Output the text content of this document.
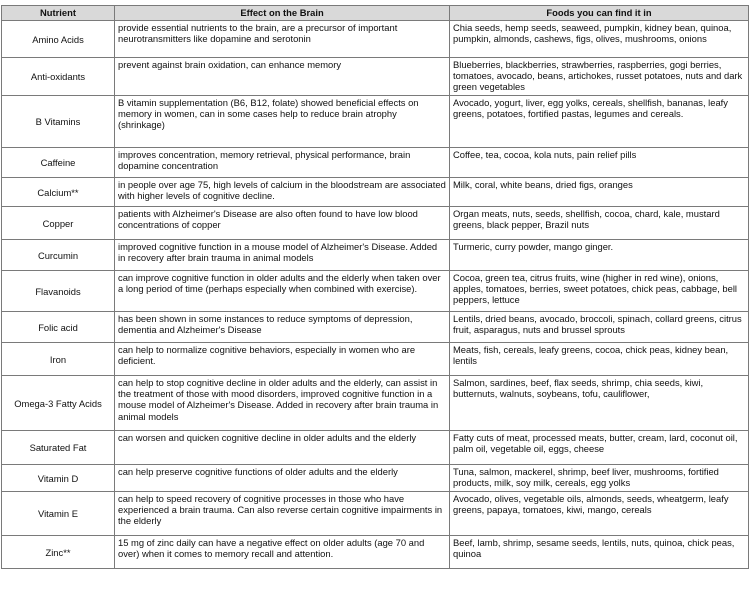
Nutrient	Effect on the Brain	Foods you can find it in
Amino Acids	provide essential nutrients to the brain, are a precursor of important neurotransmitters like dopamine and serotonin	Chia seeds, hemp seeds, seaweed, pumpkin, kidney bean, quinoa, pumpkin, almonds, cashews, figs, olives, mushrooms, onions
Anti-oxidants	prevent against brain oxidation, can enhance memory	Blueberries, blackberries, strawberries, raspberries, gogi berries, tomatoes, avocado, beans, artichokes, russet potatoes, nuts and dark green vegetables
B Vitamins	B vitamin supplementation (B6, B12, folate) showed beneficial effects on memory in women, can in some cases help to reduce brain atrophy (shrinkage)	Avocado, yogurt, liver, egg yolks, cereals, shellfish, bananas, leafy greens, potatoes, fortified pastas, legumes and cereals.
Caffeine	improves concentration, memory retrieval, physical performance, brain dopamine concentration	Coffee, tea, cocoa, kola nuts, pain relief pills
Calcium**	in people over age 75, high levels of calcium in the bloodstream are associated with higher levels of cognitive decline.	Milk, coral, white beans, dried figs, oranges
Copper	patients with Alzheimer's Disease are also often found to have low blood concentrations of copper	Organ meats, nuts, seeds, shellfish, cocoa, chard, kale, mustard greens, black pepper, Brazil nuts
Curcumin	improved cognitive function in a mouse model of Alzheimer's Disease. Added in recovery after brain trauma in animal models	Turmeric, curry powder, mango ginger.
Flavanoids	can improve cognitive function in older adults and the elderly when taken over a long period of time (perhaps especially when combined with exercise).	Cocoa, green tea, citrus fruits, wine (higher in red wine), onions, apples, tomatoes, berries, sweet potatoes, chick peas, cabbage, bell peppers, lettuce
Folic acid	has been shown in some instances to reduce symptoms of depression, dementia and Alzheimer's Disease	Lentils, dried beans, avocado, broccoli, spinach, collard greens, citrus fruit, asparagus, nuts and brussel sprouts
Iron	can help to normalize cognitive behaviors, especially in women who are deficient.	Meats, fish, cereals, leafy greens, cocoa, chick peas, kidney bean, lentils
Omega-3 Fatty Acids	can help to stop cognitive decline in older adults and the elderly, can assist in the treatment of those with mood disorders, improved cognitive function in a mouse model of Alzheimer's Disease. Added in recovery after brain trauma in animal models	Salmon, sardines, beef, flax seeds, shrimp, chia seeds, kiwi, butternuts, walnuts, soybeans, tofu, cauliflower,
Saturated Fat	can worsen and quicken cognitive decline in older adults and the elderly	Fatty cuts of meat, processed meats, butter, cream, lard, coconut oil, palm oil, vegetable oil, eggs, cheese
Vitamin D	can help preserve cognitive functions of older adults and the elderly	Tuna, salmon, mackerel, shrimp, beef liver, mushrooms, fortified products, milk, soy milk, cereals, egg yolks
Vitamin E	can help to speed recovery of cognitive processes in those who have experienced a brain trauma. Can also reverse certain cognitive impairments in the elderly	Avocado, olives, vegetable oils, almonds, seeds, wheatgerm, leafy greens, papaya, tomatoes, kiwi, mango, cereals
Zinc**	15 mg of zinc daily can have a negative effect on older adults (age 70 and over) when it comes to memory recall and attention.	Beef, lamb, shrimp, sesame seeds, lentils, nuts, quinoa, chick peas, quinoa
